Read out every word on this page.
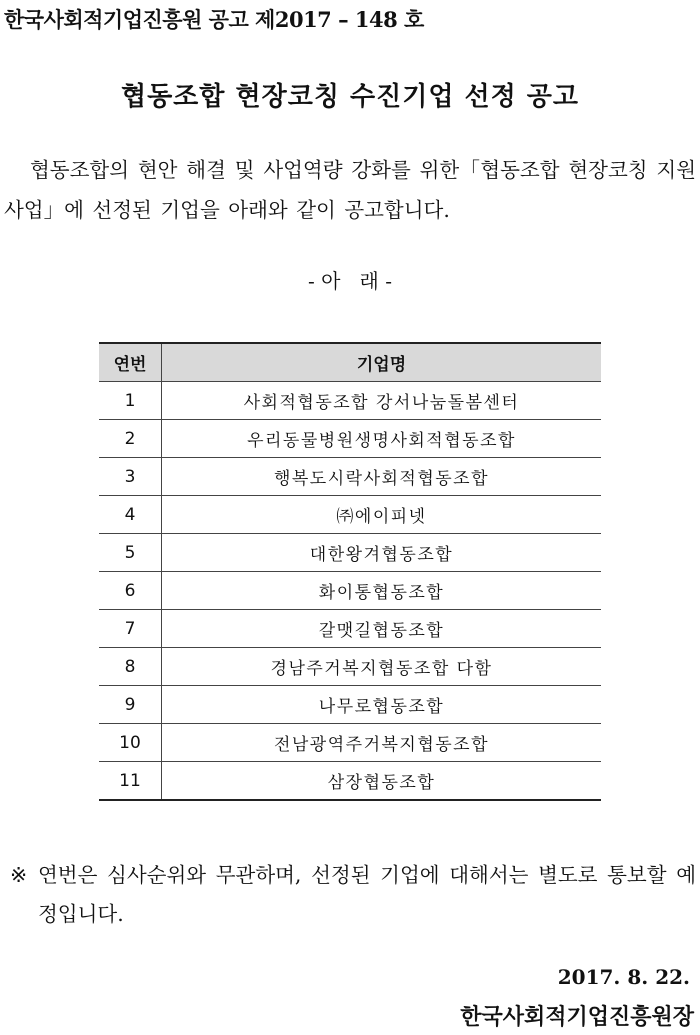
한국사회적기업진흥원 공고 제2017 – 148 호
협동조합 현장코칭 수진기업 선정 공고

협동조합의 현안 해결 및 사업역량 강화를 위한「협동조합 현장코칭 지원사업」에 선정된 기업을 아래와 같이 공고합니다.

- 아   래 -
연번	기업명
1	사회적협동조합 강서나눔돌봄센터
2	우리동물병원생명사회적협동조합
3	행복도시락사회적협동조합
4	㈜에이피넷
5	대한왕겨협동조합
6	화이통협동조합
7	갈맷길협동조합
8	경남주거복지협동조합 다함
9	나무로협동조합
10	전남광역주거복지협동조합
11	삼장협동조합
※ 연번은 심사순위와 무관하며, 선정된 기업에 대해서는 별도로 통보할 예정입니다.
2017. 8. 22.
한국사회적기업진흥원장
